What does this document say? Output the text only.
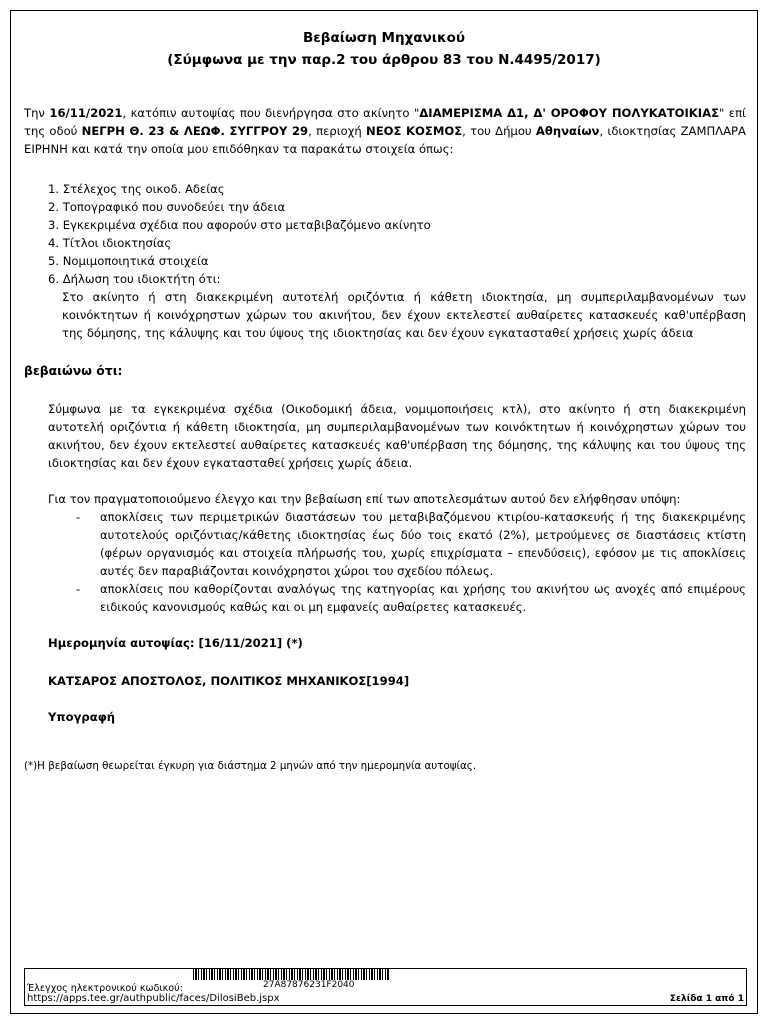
Βεβαίωση Μηχανικού
(Σύμφωνα με την παρ.2 του άρθρου 83 του Ν.4495/2017)
Την 16/11/2021, κατόπιν αυτοψίας που διενήργησα στο ακίνητο "ΔΙΑΜΕΡΙΣΜΑ Δ1, Δ' ΟΡΟΦΟΥ ΠΟΛΥΚΑΤΟΙΚΙΑΣ" επί της οδού ΝΕΓΡΗ Θ. 23 & ΛΕΩΦ. ΣΥΓΓΡΟΥ 29, περιοχή ΝΕΟΣ ΚΟΣΜΟΣ, του Δήμου Αθηναίων, ιδιοκτησίας ΖΑΜΠΛΑΡΑ ΕΙΡΗΝΗ και κατά την οποία μου επιδόθηκαν τα παρακάτω στοιχεία όπως:
1. Στέλεχος της οικοδ. Αδείας
2. Τοπογραφικό που συνοδεύει την άδεια
3. Εγκεκριμένα σχέδια που αφορούν στο μεταβιβαζόμενο ακίνητο
4. Τίτλοι ιδιοκτησίας
5. Νομιμοποιητικά στοιχεία
6. Δήλωση του ιδιοκτήτη ότι:
Στο ακίνητο ή στη διακεκριμένη αυτοτελή οριζόντια ή κάθετη ιδιοκτησία, μη συμπεριλαμβανομένων των κοινόκτητων ή κοινόχρηστων χώρων του ακινήτου, δεν έχουν εκτελεστεί αυθαίρετες κατασκευές καθ'υπέρβαση της δόμησης, της κάλυψης και του ύψους της ιδιοκτησίας και δεν έχουν εγκατασταθεί χρήσεις χωρίς άδεια
βεβαιώνω ότι:
Σύμφωνα με τα εγκεκριμένα σχέδια (Οικοδομική άδεια, νομιμοποιήσεις κτλ), στο ακίνητο ή στη διακεκριμένη αυτοτελή οριζόντια ή κάθετη ιδιοκτησία, μη συμπεριλαμβανομένων των κοινόκτητων ή κοινόχρηστων χώρων του ακινήτου, δεν έχουν εκτελεστεί αυθαίρετες κατασκευές καθ'υπέρβαση της δόμησης, της κάλυψης και του ύψους της ιδιοκτησίας και δεν έχουν εγκατασταθεί χρήσεις χωρίς άδεια.
Για τον πραγματοποιούμενο έλεγχο και την βεβαίωση επί των αποτελεσμάτων αυτού δεν ελήφθησαν υπόψη:
- αποκλίσεις των περιμετρικών διαστάσεων του μεταβιβαζόμενου κτιρίου-κατασκευής ή της διακεκριμένης αυτοτελούς οριζόντιας/κάθετης ιδιοκτησίας έως δύο τοις εκατό (2%), μετρούμενες σε διαστάσεις κτίστη (φέρων οργανισμός και στοιχεία πλήρωσής του, χωρίς επιχρίσματα – επενδύσεις), εφόσον με τις αποκλίσεις αυτές δεν παραβιάζονται κοινόχρηστοι χώροι του σχεδίου πόλεως.
- αποκλίσεις που καθορίζονται αναλόγως της κατηγορίας και χρήσης του ακινήτου ως ανοχές από επιμέρους ειδικούς κανονισμούς καθώς και οι μη εμφανείς αυθαίρετες κατασκευές.
Ημερομηνία αυτοψίας: [16/11/2021] (*)
ΚΑΤΣΑΡΟΣ ΑΠΟΣΤΟΛΟΣ, ΠΟΛΙΤΙΚΟΣ ΜΗΧΑΝΙΚΟΣ[1994]
Υπογραφή
(*)Η βεβαίωση θεωρείται έγκυρη για διάστημα 2 μηνών από την ημερομηνία αυτοψίας.
27A87876231F2040
Έλεγχος ηλεκτρονικού κωδικού:
https://apps.tee.gr/authpublic/faces/DilosiBeb.jspx	Σελίδα 1 από 1
